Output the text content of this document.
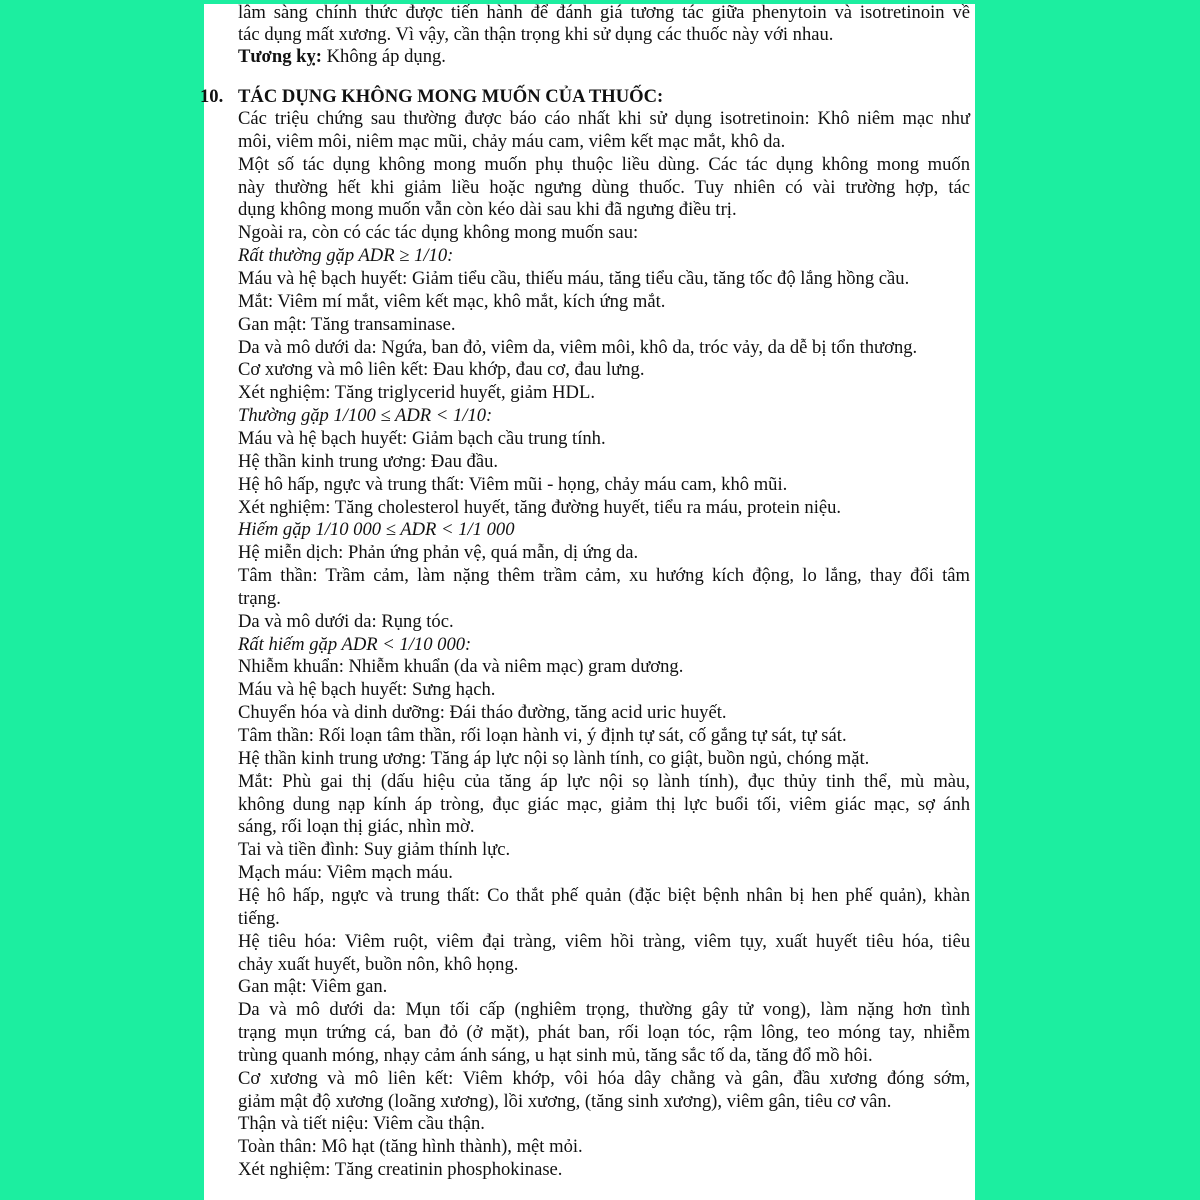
lâm sàng chính thức được tiến hành để đánh giá tương tác giữa phenytoin và isotretinoin về
tác dụng mất xương. Vì vậy, cần thận trọng khi sử dụng các thuốc này với nhau.
Tương kỵ: Không áp dụng.
10. TÁC DỤNG KHÔNG MONG MUỐN CỦA THUỐC:
Các triệu chứng sau thường được báo cáo nhất khi sử dụng isotretinoin: Khô niêm mạc như
môi, viêm môi, niêm mạc mũi, chảy máu cam, viêm kết mạc mắt, khô da.
Một số tác dụng không mong muốn phụ thuộc liều dùng. Các tác dụng không mong muốn
này thường hết khi giảm liều hoặc ngưng dùng thuốc. Tuy nhiên có vài trường hợp, tác
dụng không mong muốn vẫn còn kéo dài sau khi đã ngưng điều trị.
Ngoài ra, còn có các tác dụng không mong muốn sau:
Rất thường gặp ADR ≥ 1/10:
Máu và hệ bạch huyết: Giảm tiểu cầu, thiếu máu, tăng tiểu cầu, tăng tốc độ lắng hồng cầu.
Mắt: Viêm mí mắt, viêm kết mạc, khô mắt, kích ứng mắt.
Gan mật: Tăng transaminase.
Da và mô dưới da: Ngứa, ban đỏ, viêm da, viêm môi, khô da, tróc vảy, da dễ bị tổn thương.
Cơ xương và mô liên kết: Đau khớp, đau cơ, đau lưng.
Xét nghiệm: Tăng triglycerid huyết, giảm HDL.
Thường gặp 1/100 ≤ ADR < 1/10:
Máu và hệ bạch huyết: Giảm bạch cầu trung tính.
Hệ thần kinh trung ương: Đau đầu.
Hệ hô hấp, ngực và trung thất: Viêm mũi - họng, chảy máu cam, khô mũi.
Xét nghiệm: Tăng cholesterol huyết, tăng đường huyết, tiểu ra máu, protein niệu.
Hiếm gặp 1/10 000 ≤ ADR < 1/1 000
Hệ miễn dịch: Phản ứng phản vệ, quá mẫn, dị ứng da.
Tâm thần: Trầm cảm, làm nặng thêm trầm cảm, xu hướng kích động, lo lắng, thay đổi tâm
trạng.
Da và mô dưới da: Rụng tóc.
Rất hiếm gặp ADR < 1/10 000:
Nhiễm khuẩn: Nhiễm khuẩn (da và niêm mạc) gram dương.
Máu và hệ bạch huyết: Sưng hạch.
Chuyển hóa và dinh dưỡng: Đái tháo đường, tăng acid uric huyết.
Tâm thần: Rối loạn tâm thần, rối loạn hành vi, ý định tự sát, cố gắng tự sát, tự sát.
Hệ thần kinh trung ương: Tăng áp lực nội sọ lành tính, co giật, buồn ngủ, chóng mặt.
Mắt: Phù gai thị (dấu hiệu của tăng áp lực nội sọ lành tính), đục thủy tinh thể, mù màu,
không dung nạp kính áp tròng, đục giác mạc, giảm thị lực buổi tối, viêm giác mạc, sợ ánh
sáng, rối loạn thị giác, nhìn mờ.
Tai và tiền đình: Suy giảm thính lực.
Mạch máu: Viêm mạch máu.
Hệ hô hấp, ngực và trung thất: Co thắt phế quản (đặc biệt bệnh nhân bị hen phế quản), khàn
tiếng.
Hệ tiêu hóa: Viêm ruột, viêm đại tràng, viêm hồi tràng, viêm tụy, xuất huyết tiêu hóa, tiêu
chảy xuất huyết, buồn nôn, khô họng.
Gan mật: Viêm gan.
Da và mô dưới da: Mụn tối cấp (nghiêm trọng, thường gây tử vong), làm nặng hơn tình
trạng mụn trứng cá, ban đỏ (ở mặt), phát ban, rối loạn tóc, rậm lông, teo móng tay, nhiễm
trùng quanh móng, nhạy cảm ánh sáng, u hạt sinh mủ, tăng sắc tố da, tăng đổ mồ hôi.
Cơ xương và mô liên kết: Viêm khớp, vôi hóa dây chằng và gân, đầu xương đóng sớm,
giảm mật độ xương (loãng xương), lồi xương, (tăng sinh xương), viêm gân, tiêu cơ vân.
Thận và tiết niệu: Viêm cầu thận.
Toàn thân: Mô hạt (tăng hình thành), mệt mỏi.
Xét nghiệm: Tăng creatinin phosphokinase.
